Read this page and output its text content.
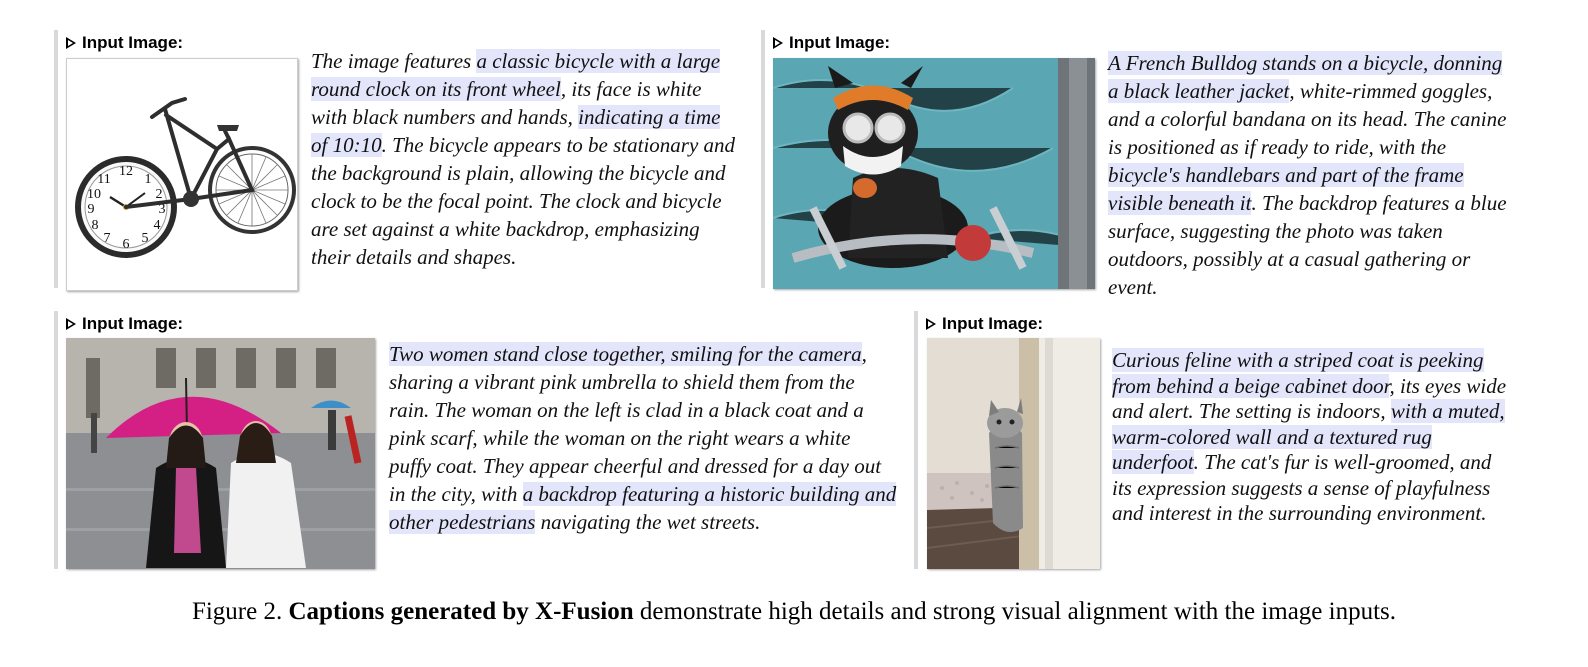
Input Image:
12
1
2
3
4
5
6
7
8
9
10
11
The image features a classic bicycle with a large round clock on its front wheel, its face is white with black numbers and hands, indicating a time of 10:10. The bicycle appears to be stationary and the background is plain, allowing the bicycle and clock to be the focal point. The clock and bicycle are set against a white backdrop, emphasizing their details and shapes.
Input Image:
A French Bulldog stands on a bicycle, donning a black leather jacket, white-rimmed goggles, and a colorful bandana on its head. The canine is positioned as if ready to ride, with the bicycle's handlebars and part of the frame visible beneath it. The backdrop features a blue surface, suggesting the photo was taken outdoors, possibly at a casual gathering or event.
Input Image:
Two women stand close together, smiling for the camera, sharing a vibrant pink umbrella to shield them from the rain. The woman on the left is clad in a black coat and a pink scarf, while the woman on the right wears a white puffy coat. They appear cheerful and dressed for a day out in the city, with a backdrop featuring a historic building and other pedestrians navigating the wet streets.
Input Image:
Curious feline with a striped coat is peeking from behind a beige cabinet door, its eyes wide and alert. The setting is indoors, with a muted, warm-colored wall and a textured rug underfoot. The cat's fur is well-groomed, and its expression suggests a sense of playfulness and interest in the surrounding environment.
Figure 2. Captions generated by X-Fusion demonstrate high details and strong visual alignment with the image inputs.
